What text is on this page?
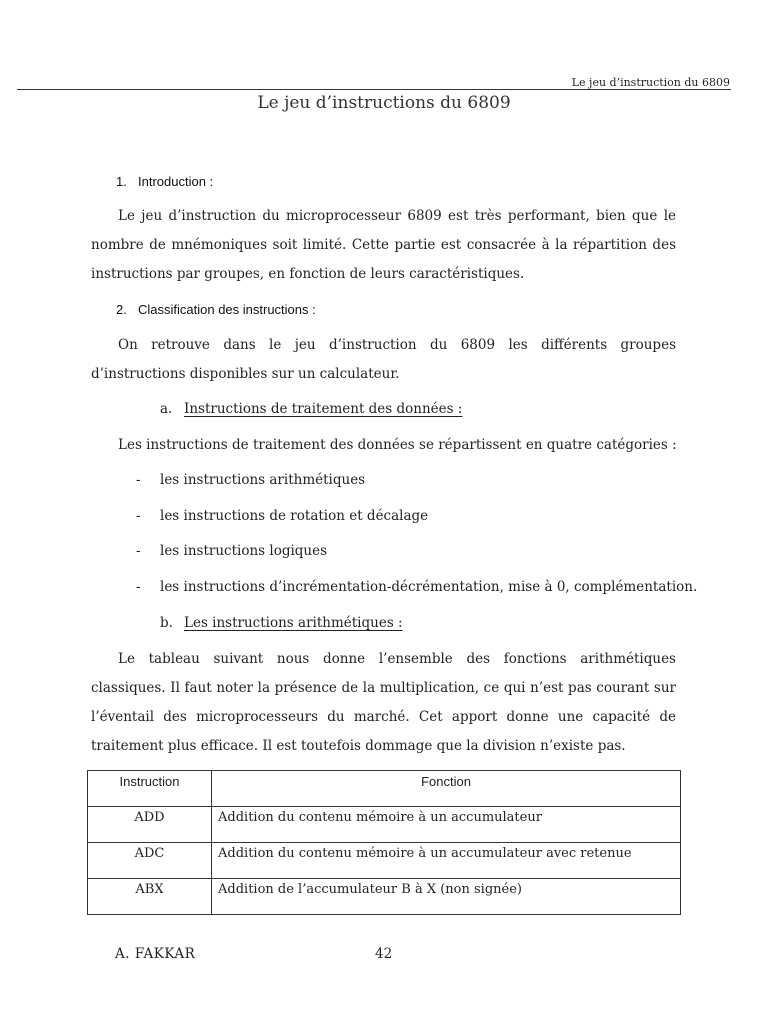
Le jeu d’instruction du 6809
Le jeu d’instructions du 6809
1. Introduction :
Le jeu d’instruction du microprocesseur 6809 est très performant, bien que le nombre de mnémoniques soit limité. Cette partie est consacrée à la répartition des instructions par groupes, en fonction de leurs caractéristiques.
2. Classification des instructions :
On retrouve dans le jeu d’instruction du 6809 les différents groupes d’instructions disponibles sur un calculateur.
a. Instructions de traitement des données :
Les instructions de traitement des données se répartissent en quatre catégories :
- les instructions arithmétiques
- les instructions de rotation et décalage
- les instructions logiques
- les instructions d’incrémentation-décrémentation, mise à 0, complémentation.
b. Les instructions arithmétiques :
Le tableau suivant nous donne l’ensemble des fonctions arithmétiques classiques. Il faut noter la présence de la multiplication, ce qui n’est pas courant sur l’éventail des microprocesseurs du marché. Cet apport donne une capacité de traitement plus efficace. Il est toutefois dommage que la division n’existe pas.
Instruction	Fonction
ADD	Addition du contenu mémoire à un accumulateur
ADC	Addition du contenu mémoire à un accumulateur avec retenue
ABX	Addition de l’accumulateur B à X (non signée)
A. FAKKAR	42
